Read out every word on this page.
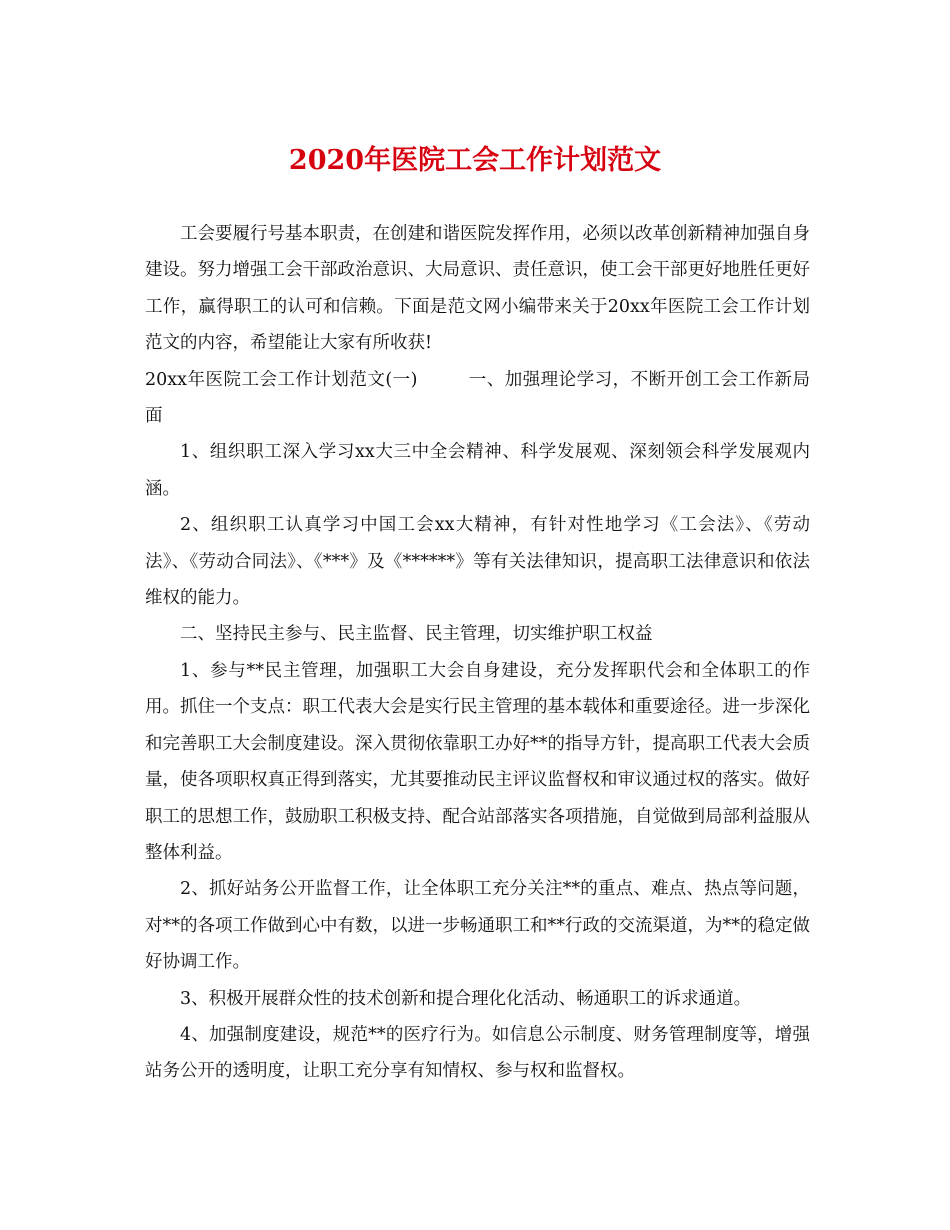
2020年医院工会工作计划范文

工会要履行号基本职责，在创建和谐医院发挥作用，必须以改革创新精神加强自身建设。努力增强工会干部政治意识、大局意识、责任意识，使工会干部更好地胜任更好工作，赢得职工的认可和信赖。下面是范文网小编带来关于20xx年医院工会工作计划范文的内容，希望能让大家有所收获!

20xx年医院工会工作计划范文(一)	一、加强理论学习，不断开创工会工作新局面

1、组织职工深入学习xx大三中全会精神、科学发展观、深刻领会科学发展观内涵。

2、组织职工认真学习中国工会xx大精神，有针对性地学习《工会法》、《劳动法》、《劳动合同法》、《***》及《******》等有关法律知识，提高职工法律意识和依法维权的能力。

二、坚持民主参与、民主监督、民主管理，切实维护职工权益

1、参与**民主管理，加强职工大会自身建设，充分发挥职代会和全体职工的作用。抓住一个支点：职工代表大会是实行民主管理的基本载体和重要途径。进一步深化和完善职工大会制度建设。深入贯彻依靠职工办好**的指导方针，提高职工代表大会质量，使各项职权真正得到落实，尤其要推动民主评议监督权和审议通过权的落实。做好职工的思想工作，鼓励职工积极支持、配合站部落实各项措施，自觉做到局部利益服从整体利益。

2、抓好站务公开监督工作，让全体职工充分关注**的重点、难点、热点等问题，对**的各项工作做到心中有数，以进一步畅通职工和**行政的交流渠道，为**的稳定做好协调工作。

3、积极开展群众性的技术创新和提合理化化活动、畅通职工的诉求通道。

4、加强制度建设，规范**的医疗行为。如信息公示制度、财务管理制度等，增强站务公开的透明度，让职工充分享有知情权、参与权和监督权。
